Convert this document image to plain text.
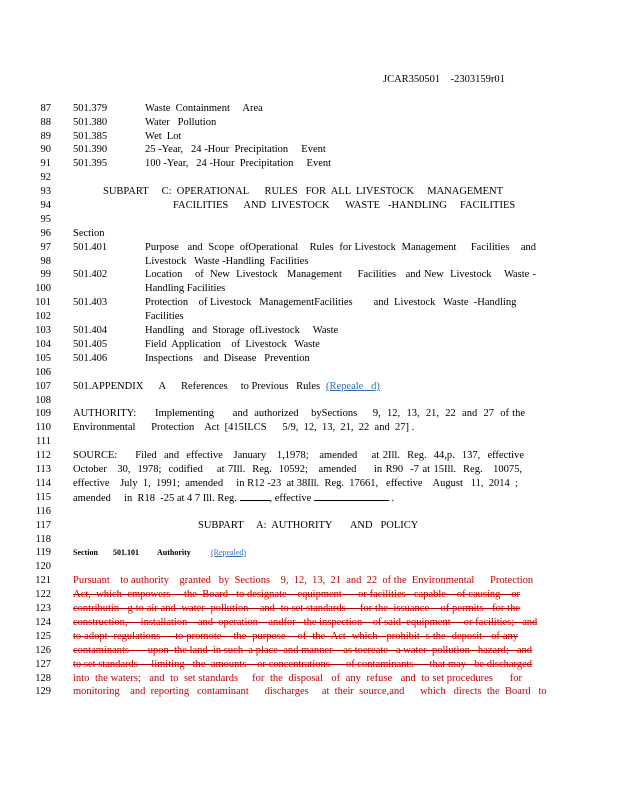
JCAR350501    -2303159r01
87 501.379	Waste  Containment     Area
88 501.380	Water   Pollution
89 501.385	Wet  Lot
90 501.390	25 -Year,   24 -Hour  Precipitation     Event
91 501.395	100 -Year,   24 -Hour  Precipitation     Event
92
93	SUBPART     C:  OPERATIONAL      RULES   FOR  ALL  LIVESTOCK     MANAGEMENT
94	FACILITIES      AND  LIVESTOCK      WASTE   -HANDLING     FACILITIES
95
96 Section
97 501.401	Purpose   and  Scope  ofOperational    Rules  for Livestock  Management     Facilities    and
98	Livestock   Waste -Handling  Facilities
99 501.402	Location    of  New  Livestock   Management     Facilities   and New  Livestock    Waste -
100	Handling Facilities
101 501.403	Protection    of Livestock   ManagementFacilities        and  Livestock   Waste  -Handling
102	Facilities
103 501.404	Handling   and  Storage  ofLivestock     Waste
104 501.405	Field  Application    of  Livestock   Waste
105 501.406	Inspections    and  Disease   Prevention
106
107 501.APPENDIX      A References     to Previous   Rules (Repeale   d)
108
109 AUTHORITY:      Implementing      and  authorized    bySections     9,  12,  13,  21,  22  and  27  of the
110 Environmental      Protection    Act  [415ILCS      5/9,  12,  13,  21,  22  and  27] .
111
112 SOURCE:     Filed  and  effective   January   1,1978;   amended    at 2Ill.  Reg.  44,p.  137,  effective
113 October   30,  1978;  codified    at 7Ill.  Reg.  10592;   amended     in R90  -7 at 15Ill.  Reg.   10075,
114 effective    July  1,  1991;  amended     in R12 -23  at 38Ill.  Reg.  17661,   effective    August   11,  2014  ;
115 amended     in  R18  -25 at 4 7 Ill. Reg.	, effective	.
116
117	SUBPART     A:  AUTHORITY       AND   POLICY
118
119	Section 501.101 Authority	(Repealed)
120
121 Pursuant    to authority    granted   by  Sections    9,  12,  13,  21  and  22  of the  Environmental      Protection
122 Act,  which  empowers     the  Board   to designate    equipment      or facilities   capable    of causing    or
123 contributin   g to air and  water  pollution    and  to set standards     for the  issuance    of permits   for the
124 construction,     installation    and  operation    andfor   the inspection    of said  equipment     or facilities;   and
125 to adopt  regulations     to promote    the  purpose    of  the  Act  which   prohibit  s the  deposit   of any
126 contaminants       upon  the land  in such  a place  and manner    as toereate   a water  pollution   hazard;   and
127 to set standards     limiting   the  amounts    or concentrations      of contaminants      that may   be discharged
128 into  the waters;   and  to  set standards     for  the  disposal   of  any  refuse   and  to set procedures      for
129 monitoring    and  reporting   contaminant      discharges     at  their  source,and      which   directs  the  Board   to
